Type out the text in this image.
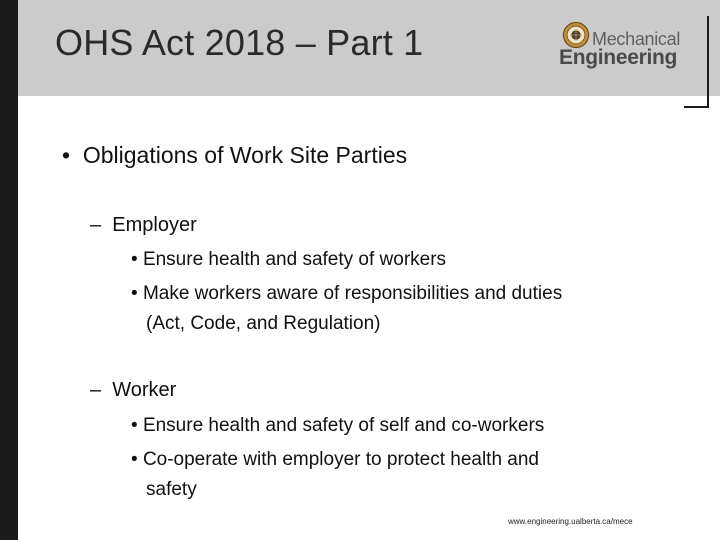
OHS Act 2018 – Part 1	Mechanical
Engineering
•  Obligations of Work Site Parties
–  Employer
• Ensure health and safety of workers
• Make workers aware of responsibilities and duties
(Act, Code, and Regulation)
–  Worker
• Ensure health and safety of self and co-workers
• Co-operate with employer to protect health and
safety
www.engineering.ualberta.ca/mece
